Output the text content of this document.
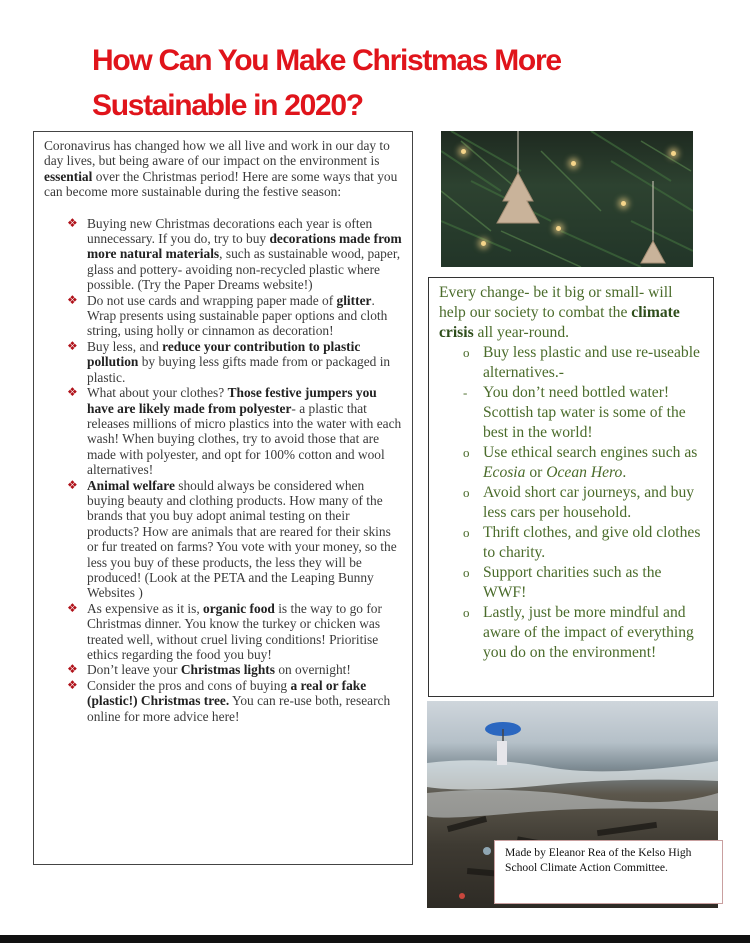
How Can You Make Christmas More
Sustainable in 2020?

Coronavirus has changed how we all live and work in our day to day lives, but being aware of our impact on the environment is essential over the Christmas period! Here are some ways that you can become more sustainable during the festive season:

❖ Buying new Christmas decorations each year is often unnecessary. If you do, try to buy decorations made from more natural materials, such as sustainable wood, paper, glass and pottery- avoiding non-recycled plastic where possible. (Try the Paper Dreams website!)
❖ Do not use cards and wrapping paper made of glitter. Wrap presents using sustainable paper options and cloth string, using holly or cinnamon as decoration!
❖ Buy less, and reduce your contribution to plastic pollution by buying less gifts made from or packaged in plastic.
❖ What about your clothes? Those festive jumpers you have are likely made from polyester- a plastic that releases millions of micro plastics into the water with each wash! When buying clothes, try to avoid those that are made with polyester, and opt for 100% cotton and wool alternatives!
❖ Animal welfare should always be considered when buying beauty and clothing products. How many of the brands that you buy adopt animal testing on their products? How are animals that are reared for their skins or fur treated on farms? You vote with your money, so the less you buy of these products, the less they will be produced! (Look at the PETA and the Leaping Bunny Websites )
❖ As expensive as it is, organic food is the way to go for Christmas dinner. You know the turkey or chicken was treated well, without cruel living conditions! Prioritise ethics regarding the food you buy!
❖ Don’t leave your Christmas lights on overnight!
❖ Consider the pros and cons of buying a real or fake (plastic!) Christmas tree. You can re-use both, research online for more advice here!
Every change- be it big or small- will help our society to combat the climate crisis all year-round.
o Buy less plastic and use re-useable alternatives.-
- You don’t need bottled water! Scottish tap water is some of the best in the world!
o Use ethical search engines such as Ecosia or Ocean Hero.
o Avoid short car journeys, and buy less cars per household.
o Thrift clothes, and give old clothes to charity.
o Support charities such as the WWF!
o Lastly, just be more mindful and aware of the impact of everything you do on the environment!
Made by Eleanor Rea of the Kelso High School Climate Action Committee.
